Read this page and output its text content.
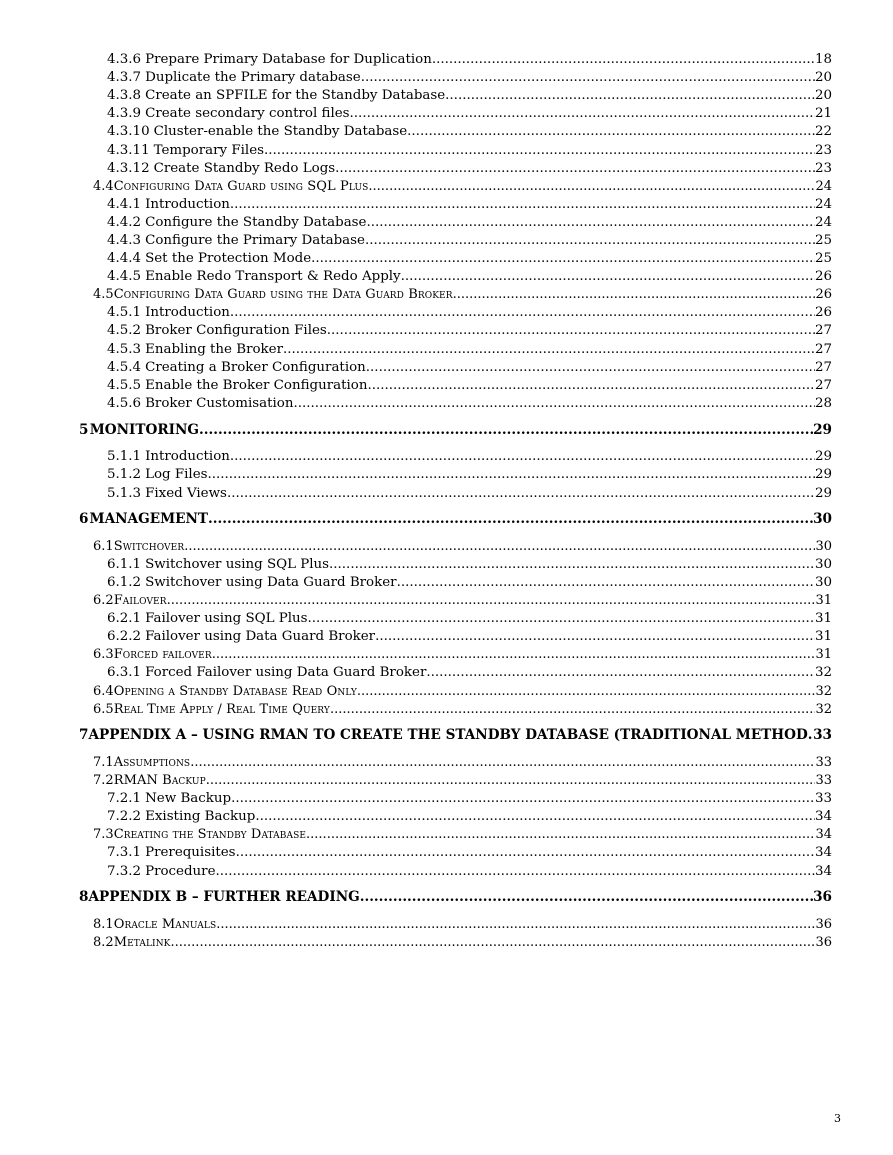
4.3.6 Prepare Primary Database for Duplication. .....	18
4.3.7 Duplicate the Primary database .....	20
4.3.8 Create an SPFILE for the Standby Database .....	20
4.3.9 Create secondary control files .....	21
4.3.10 Cluster-enable the Standby Database .....	22
4.3.11 Temporary Files .....	23
4.3.12 Create Standby Redo Logs .....	23
4.4 Configuring Data Guard using SQL Plus .....	24
4.4.1 Introduction .....	24
4.4.2 Configure the Standby Database .....	24
4.4.3 Configure the Primary Database .....	25
4.4.4 Set the Protection Mode .....	25
4.4.5 Enable Redo Transport & Redo Apply .....	26
4.5 Configuring Data Guard using the Data Guard Broker .....	26
4.5.1 Introduction .....	26
4.5.2 Broker Configuration Files .....	27
4.5.3 Enabling the Broker .....	27
4.5.4 Creating a Broker Configuration .....	27
4.5.5 Enable the Broker Configuration .....	27
4.5.6 Broker Customisation .....	28
5 MONITORING .....	29
5.1.1 Introduction .....	29
5.1.2 Log Files .....	29
5.1.3 Fixed Views .....	29
6 MANAGEMENT .....	30
6.1 Switchover .....	30
6.1.1 Switchover using SQL Plus .....	30
6.1.2 Switchover using Data Guard Broker .....	30
6.2 Failover .....	31
6.2.1 Failover using SQL Plus .....	31
6.2.2 Failover using Data Guard Broker .....	31
6.3 Forced failover .....	31
6.3.1 Forced Failover using Data Guard Broker .....	32
6.4 Opening a Standby Database Read Only .....	32
6.5 Real Time Apply / Real Time Query .....	32
7 APPENDIX A – USING RMAN TO CREATE THE STANDBY DATABASE (TRADITIONAL METHOD ..... 33
7.1 Assumptions .....	33
7.2 RMAN Backup .....	33
7.2.1 New Backup .....	33
7.2.2 Existing Backup .....	34
7.3 Creating the Standby Database .....	34
7.3.1 Prerequisites .....	34
7.3.2 Procedure .....	34
8 APPENDIX B – FURTHER READING .....	36
8.1 Oracle Manuals .....	36
8.2 Metalink .....	36
3
